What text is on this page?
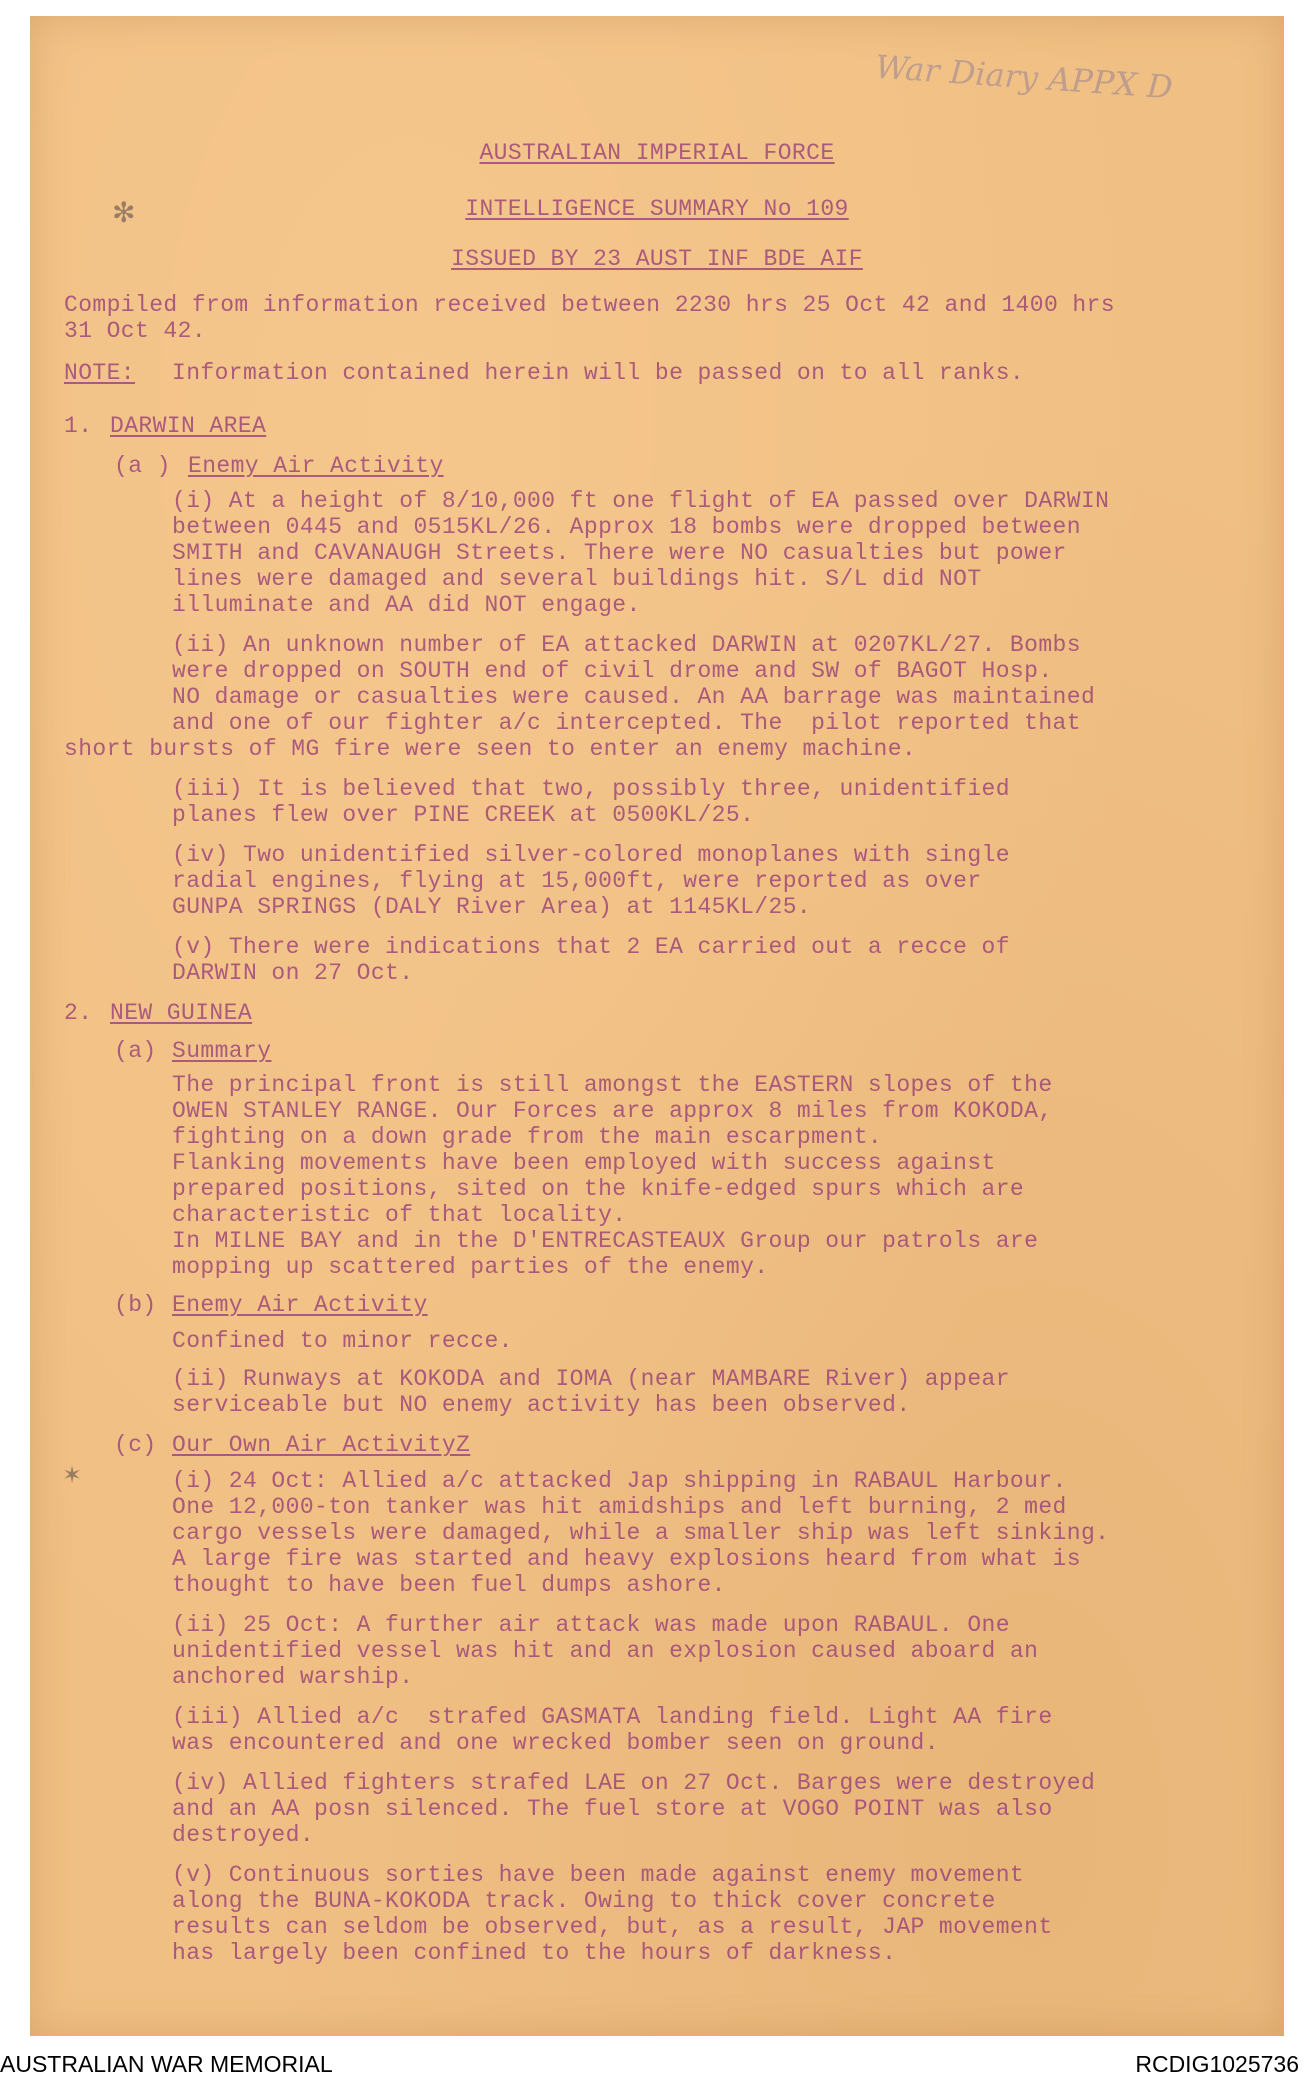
War Diary APPX D
✻
✶
AUSTRALIAN IMPERIAL FORCE
INTELLIGENCE SUMMARY No 109
ISSUED BY 23 AUST INF BDE AIF
Compiled from information received between 2230 hrs 25 Oct 42 and 1400 hrs
31 Oct 42.
NOTE: Information contained herein will be passed on to all ranks.
1. DARWIN AREA
(a ) Enemy Air Activity
(i) At a height of 8/10,000 ft one flight of EA passed over DARWIN
between 0445 and 0515KL/26. Approx 18 bombs were dropped between
SMITH and CAVANAUGH Streets. There were NO casualties but power
lines were damaged and several buildings hit. S/L did NOT
illuminate and AA did NOT engage.
(ii) An unknown number of EA attacked DARWIN at 0207KL/27. Bombs
were dropped on SOUTH end of civil drome and SW of BAGOT Hosp.
NO damage or casualties were caused. An AA barrage was maintained
and one of our fighter a/c intercepted. The  pilot reported that
short bursts of MG fire were seen to enter an enemy machine.
(iii) It is believed that two, possibly three, unidentified
planes flew over PINE CREEK at 0500KL/25.
(iv) Two unidentified silver-colored monoplanes with single
radial engines, flying at 15,000ft, were reported as over
GUNPA SPRINGS (DALY River Area) at 1145KL/25.
(v) There were indications that 2 EA carried out a recce of
DARWIN on 27 Oct.
2. NEW GUINEA
(a) Summary
The principal front is still amongst the EASTERN slopes of the
OWEN STANLEY RANGE. Our Forces are approx 8 miles from KOKODA,
fighting on a down grade from the main escarpment.
Flanking movements have been employed with success against
prepared positions, sited on the knife-edged spurs which are
characteristic of that locality.
In MILNE BAY and in the D'ENTRECASTEAUX Group our patrols are
mopping up scattered parties of the enemy.
(b) Enemy Air Activity
Confined to minor recce.
(ii) Runways at KOKODA and IOMA (near MAMBARE River) appear
serviceable but NO enemy activity has been observed.
(c) Our Own Air ActivityZ
(i) 24 Oct: Allied a/c attacked Jap shipping in RABAUL Harbour.
One 12,000-ton tanker was hit amidships and left burning, 2 med
cargo vessels were damaged, while a smaller ship was left sinking.
A large fire was started and heavy explosions heard from what is
thought to have been fuel dumps ashore.
(ii) 25 Oct: A further air attack was made upon RABAUL. One
unidentified vessel was hit and an explosion caused aboard an
anchored warship.
(iii) Allied a/c  strafed GASMATA landing field. Light AA fire
was encountered and one wrecked bomber seen on ground.
(iv) Allied fighters strafed LAE on 27 Oct. Barges were destroyed
and an AA posn silenced. The fuel store at VOGO POINT was also
destroyed.
(v) Continuous sorties have been made against enemy movement
along the BUNA-KOKODA track. Owing to thick cover concrete
results can seldom be observed, but, as a result, JAP movement
has largely been confined to the hours of darkness.
AUSTRALIAN WAR MEMORIAL	RCDIG1025736
